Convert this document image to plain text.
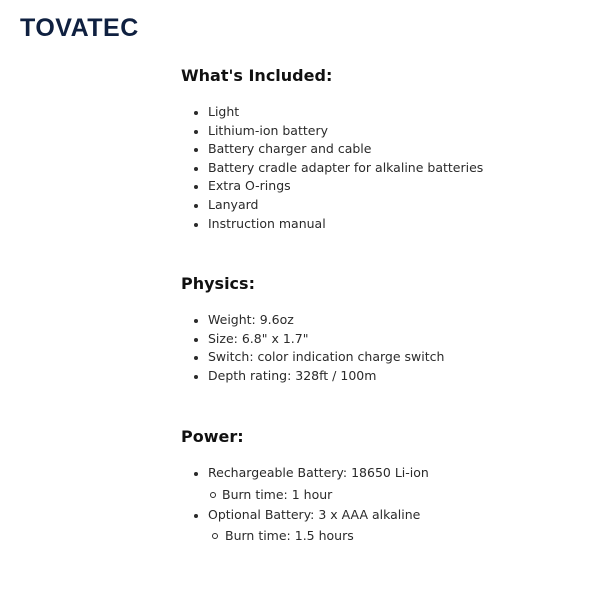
TOVATEC
What's Included:
Light
Lithium-ion battery
Battery charger and cable
Battery cradle adapter for alkaline batteries
Extra O-rings
Lanyard
Instruction manual
Physics:
Weight: 9.6oz
Size: 6.8" x 1.7"
Switch: color indication charge switch
Depth rating: 328ft / 100m
Power:
Rechargeable Battery: 18650 Li-ion
Burn time: 1 hour
Optional Battery: 3 x AAA alkaline
Burn time: 1.5 hours
